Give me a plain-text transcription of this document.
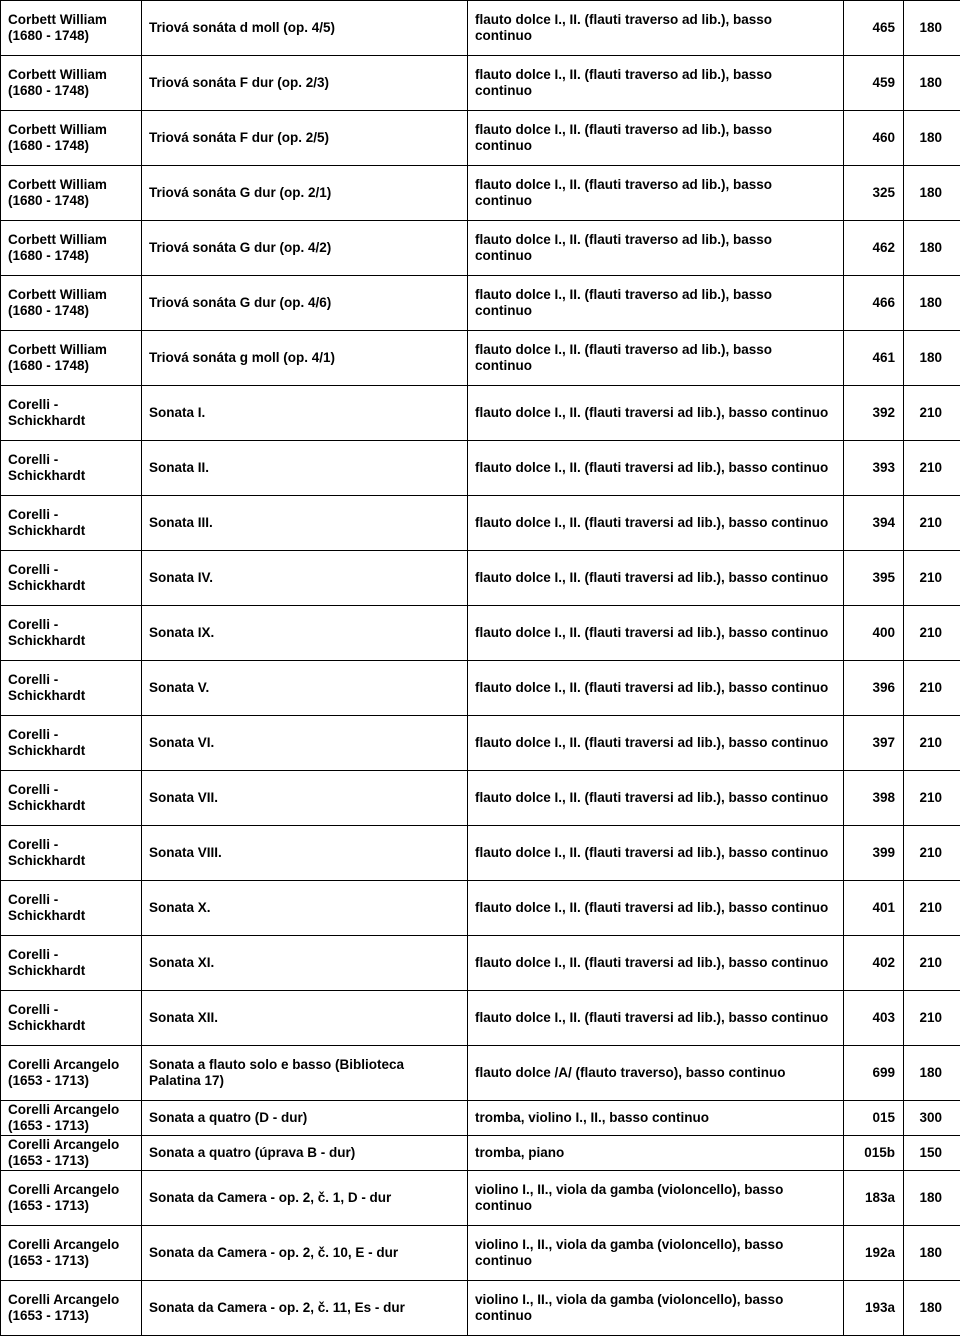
Corbett William
(1680 - 1748)	Triová sonáta d moll (op. 4/5)	flauto dolce I., II. (flauti traverso ad lib.), basso
continuo	465	180

Corbett William
(1680 - 1748)	Triová sonáta F dur (op. 2/3)	flauto dolce I., II. (flauti traverso ad lib.), basso
continuo	459	180

Corbett William
(1680 - 1748)	Triová sonáta F dur (op. 2/5)	flauto dolce I., II. (flauti traverso ad lib.), basso
continuo	460	180

Corbett William
(1680 - 1748)	Triová sonáta G dur (op. 2/1)	flauto dolce I., II. (flauti traverso ad lib.), basso
continuo	325	180

Corbett William
(1680 - 1748)	Triová sonáta G dur (op. 4/2)	flauto dolce I., II. (flauti traverso ad lib.), basso
continuo	462	180

Corbett William
(1680 - 1748)	Triová sonáta G dur (op. 4/6)	flauto dolce I., II. (flauti traverso ad lib.), basso
continuo	466	180

Corbett William
(1680 - 1748)	Triová sonáta g moll (op. 4/1)	flauto dolce I., II. (flauti traverso ad lib.), basso
continuo	461	180

Corelli -
Schickhardt	Sonata I.	flauto dolce I., II. (flauti traversi ad lib.), basso continuo	392	210

Corelli -
Schickhardt	Sonata II.	flauto dolce I., II. (flauti traversi ad lib.), basso continuo	393	210

Corelli -
Schickhardt	Sonata III.	flauto dolce I., II. (flauti traversi ad lib.), basso continuo	394	210

Corelli -
Schickhardt	Sonata IV.	flauto dolce I., II. (flauti traversi ad lib.), basso continuo	395	210

Corelli -
Schickhardt	Sonata IX.	flauto dolce I., II. (flauti traversi ad lib.), basso continuo	400	210

Corelli -
Schickhardt	Sonata V.	flauto dolce I., II. (flauti traversi ad lib.), basso continuo	396	210

Corelli -
Schickhardt	Sonata VI.	flauto dolce I., II. (flauti traversi ad lib.), basso continuo	397	210

Corelli -
Schickhardt	Sonata VII.	flauto dolce I., II. (flauti traversi ad lib.), basso continuo	398	210

Corelli -
Schickhardt	Sonata VIII.	flauto dolce I., II. (flauti traversi ad lib.), basso continuo	399	210

Corelli -
Schickhardt	Sonata X.	flauto dolce I., II. (flauti traversi ad lib.), basso continuo	401	210

Corelli -
Schickhardt	Sonata XI.	flauto dolce I., II. (flauti traversi ad lib.), basso continuo	402	210

Corelli -
Schickhardt	Sonata XII.	flauto dolce I., II. (flauti traversi ad lib.), basso continuo	403	210

Corelli Arcangelo
(1653 - 1713)	Sonata a flauto solo e basso (Biblioteca
Palatina 17)	flauto dolce /A/ (flauto traverso), basso continuo	699	180

Corelli Arcangelo
(1653 - 1713)	Sonata a quatro (D - dur)	tromba, violino I., II., basso continuo	015	300

Corelli Arcangelo
(1653 - 1713)	Sonata a quatro (úprava B - dur)	tromba, piano	015b	150

Corelli Arcangelo
(1653 - 1713)	Sonata da Camera - op. 2, č. 1, D - dur	violino I., II., viola da gamba (violoncello), basso
continuo	183a	180

Corelli Arcangelo
(1653 - 1713)	Sonata da Camera - op. 2, č. 10, E - dur	violino I., II., viola da gamba (violoncello), basso
continuo	192a	180

Corelli Arcangelo
(1653 - 1713)	Sonata da Camera - op. 2, č. 11, Es - dur	violino I., II., viola da gamba (violoncello), basso
continuo	193a	180
